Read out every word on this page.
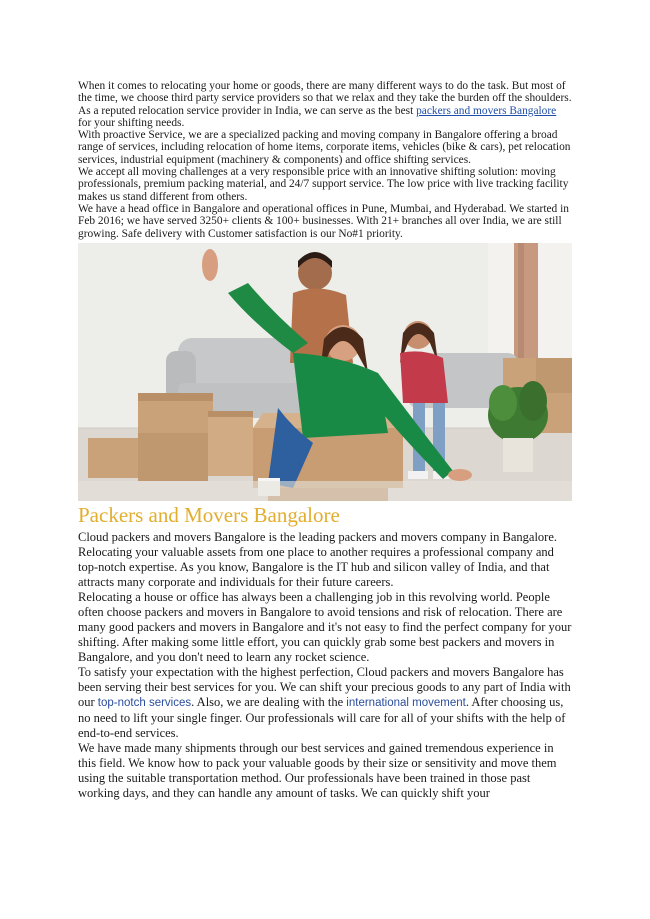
When it comes to relocating your home or goods, there are many different ways to do the task. But most of the time, we choose third party service providers so that we relax and they take the burden off the shoulders. As a reputed relocation service provider in India, we can serve as the best packers and movers Bangalore for your shifting needs.

With proactive Service, we are a specialized packing and moving company in Bangalore offering a broad range of services, including relocation of home items, corporate items, vehicles (bike & cars), pet relocation services, industrial equipment (machinery & components) and office shifting services.

We accept all moving challenges at a very responsible price with an innovative shifting solution: moving professionals, premium packing material, and 24/7 support service. The low price with live tracking facility makes us stand different from others.

We have a head office in Bangalore and operational offices in Pune, Mumbai, and Hyderabad. We started in Feb 2016; we have served 3250+ clients & 100+ businesses. With 21+ branches all over India, we are still growing. Safe delivery with Customer satisfaction is our No#1 priority.

Packers and Movers Bangalore

Cloud packers and movers Bangalore is the leading packers and movers company in Bangalore. Relocating your valuable assets from one place to another requires a professional company and top-notch expertise. As you know, Bangalore is the IT hub and silicon valley of India, and that attracts many corporate and individuals for their future careers.

Relocating a house or office has always been a challenging job in this revolving world. People often choose packers and movers in Bangalore to avoid tensions and risk of relocation. There are many good packers and movers in Bangalore and it's not easy to find the perfect company for your shifting. After making some little effort, you can quickly grab some best packers and movers in Bangalore, and you don't need to learn any rocket science.

To satisfy your expectation with the highest perfection, Cloud packers and movers Bangalore has been serving their best services for you. We can shift your precious goods to any part of India with our top-notch services. Also, we are dealing with the international movement. After choosing us, no need to lift your single finger. Our professionals will care for all of your shifts with the help of end-to-end services.

We have made many shipments through our best services and gained tremendous experience in this field. We know how to pack your valuable goods by their size or sensitivity and move them using the suitable transportation method. Our professionals have been trained in those past working days, and they can handle any amount of tasks. We can quickly shift your
